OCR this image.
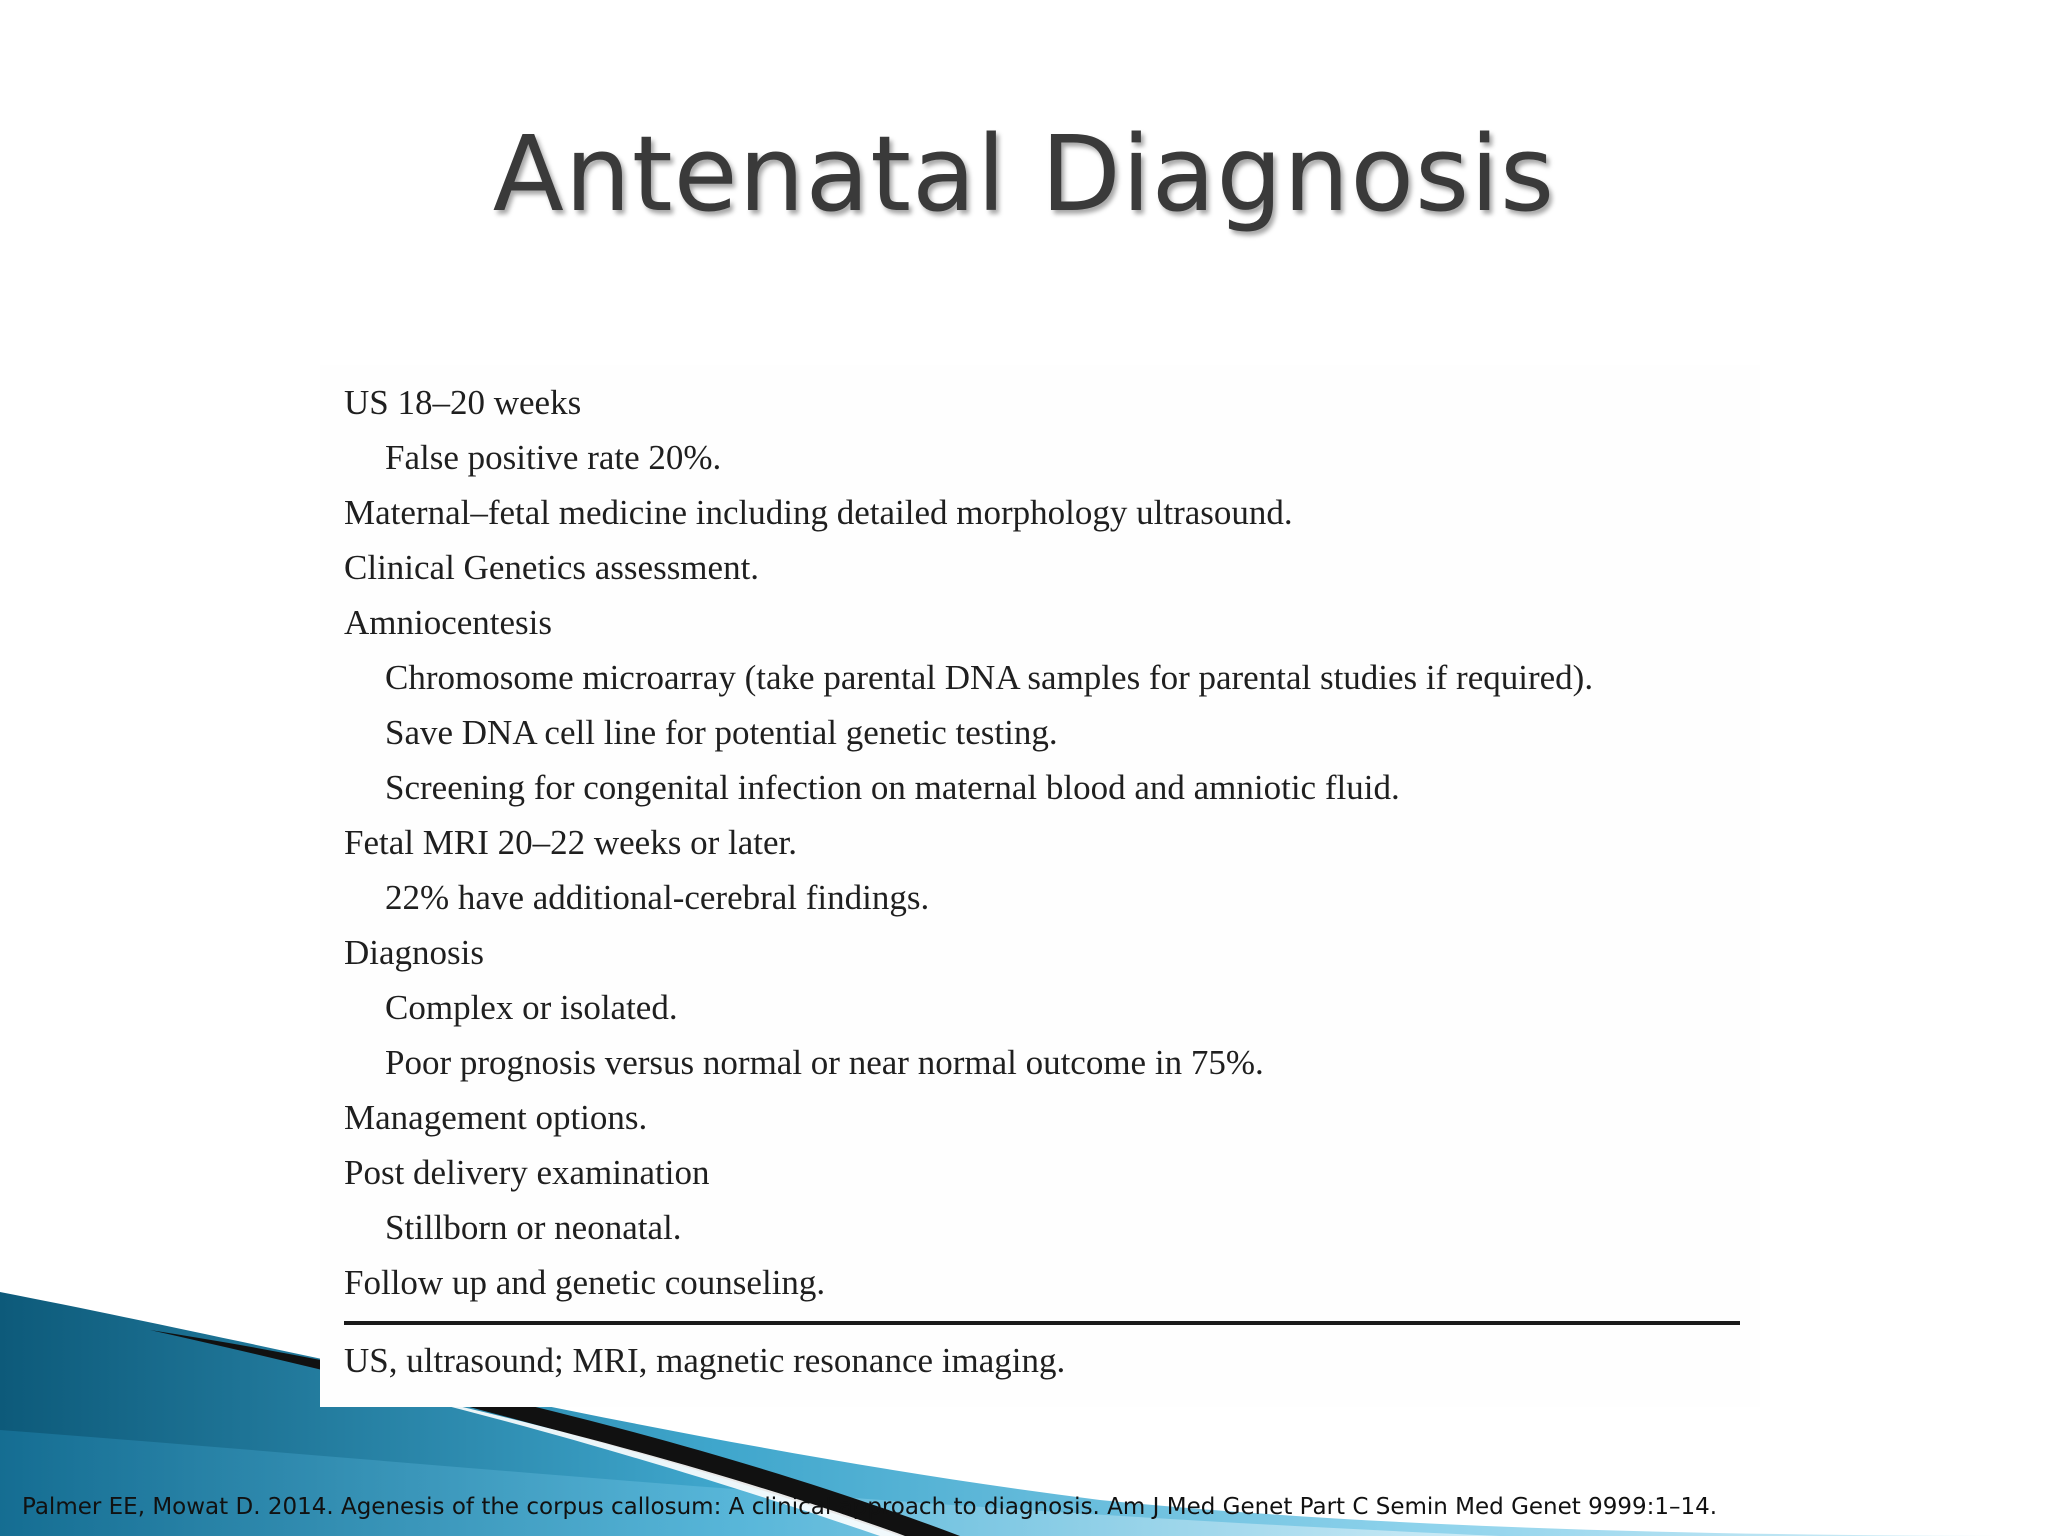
Antenatal Diagnosis
US 18–20 weeks
False positive rate 20%.
Maternal–fetal medicine including detailed morphology ultrasound.
Clinical Genetics assessment.
Amniocentesis
Chromosome microarray (take parental DNA samples for parental studies if required).
Save DNA cell line for potential genetic testing.
Screening for congenital infection on maternal blood and amniotic fluid.
Fetal MRI 20–22 weeks or later.
22% have additional-cerebral findings.
Diagnosis
Complex or isolated.
Poor prognosis versus normal or near normal outcome in 75%.
Management options.
Post delivery examination
Stillborn or neonatal.
Follow up and genetic counseling.
US, ultrasound; MRI, magnetic resonance imaging.
Palmer EE, Mowat D. 2014. Agenesis of the corpus callosum: A clinical approach to diagnosis. Am J Med Genet Part C Semin Med Genet 9999:1–14.
